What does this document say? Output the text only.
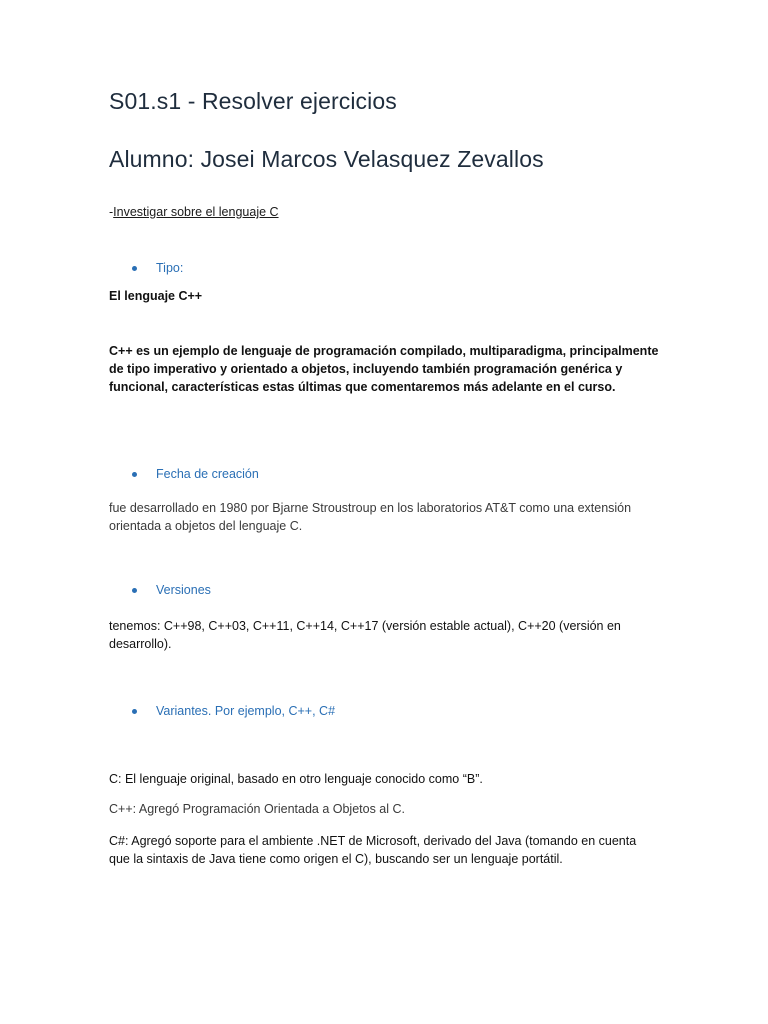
S01.s1 - Resolver ejercicios
Alumno: Josei Marcos Velasquez Zevallos

-Investigar sobre el lenguaje C

Tipo:

El lenguaje C++

C++ es un ejemplo de lenguaje de programación compilado, multiparadigma, principalmente
de tipo imperativo y orientado a objetos, incluyendo también programación genérica y
funcional, características estas últimas que comentaremos más adelante en el curso.
Fecha de creación
fue desarrollado en 1980 por Bjarne Stroustroup en los laboratorios AT&T como una extensión
orientada a objetos del lenguaje C.
Versiones
tenemos: C++98, C++03, C++11, C++14, C++17 (versión estable actual), C++20 (versión en
desarrollo).
Variantes. Por ejemplo, C++, C#

C: El lenguaje original, basado en otro lenguaje conocido como “B”.

C++: Agregó Programación Orientada a Objetos al C.

C#: Agregó soporte para el ambiente .NET de Microsoft, derivado del Java (tomando en cuenta
que la sintaxis de Java tiene como origen el C), buscando ser un lenguaje portátil.
